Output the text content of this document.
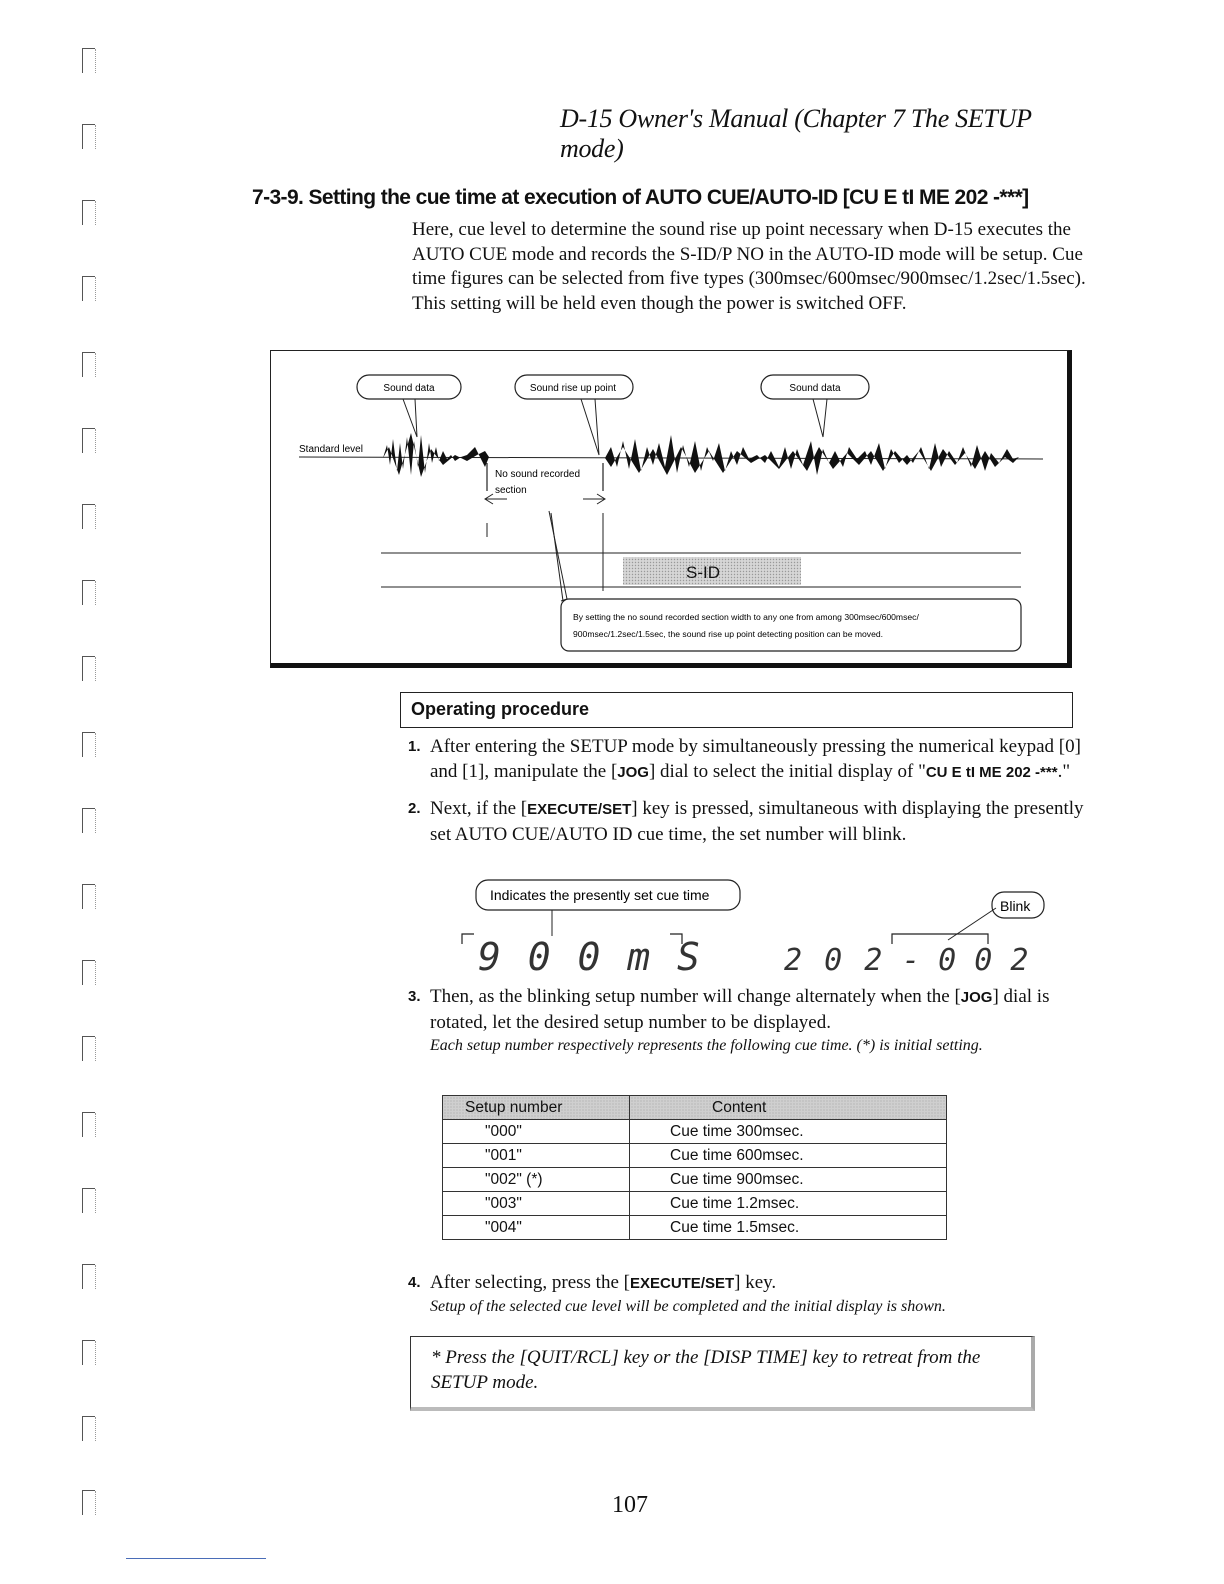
D-15 Owner's Manual (Chapter 7 The SETUP mode)
7-3-9. Setting the cue time at execution of AUTO CUE/AUTO-ID [CU E tI ME 202 -***]

Here, cue level to determine the sound rise up point necessary when D-15 executes the AUTO CUE mode and records the S-ID/P NO in the AUTO-ID mode will be setup. Cue time figures can be selected from five types (300msec/600msec/900msec/1.2sec/1.5sec).

This setting will be held even though the power is switched OFF.

Sound data	Sound rise up point	Sound data
Standard level
No sound recorded
section
S-ID
By setting the no sound recorded section width to any one from among 300msec/600msec/
900msec/1.2sec/1.5sec, the sound rise up point detecting position can be moved.
Operating procedure
1. After entering the SETUP mode by simultaneously pressing the numerical keypad [0] and [1], manipulate the [JOG] dial to select the initial display of "CU E tI ME 202 -***."
2. Next, if the [EXECUTE/SET] key is pressed, simultaneous with displaying the presently set AUTO CUE/AUTO ID cue time, the set number will blink.
Indicates the presently set cue time
Blink
9 0 0 m S	2 0 2 - 0 0 2
3. Then, as the blinking setup number will change alternately when the [JOG] dial is rotated, let the desired setup number to be displayed.
Each setup number respectively represents the following cue time. (*) is initial setting.
Setup number	Content
"000"	Cue time 300msec.
"001"	Cue time 600msec.
"002" (*)	Cue time 900msec.
"003"	Cue time 1.2msec.
"004"	Cue time 1.5msec.
4. After selecting, press the [EXECUTE/SET] key.
Setup of the selected cue level will be completed and the initial display is shown.
* Press the [QUIT/RCL] key or the [DISP TIME] key to retreat from the SETUP mode.
107
